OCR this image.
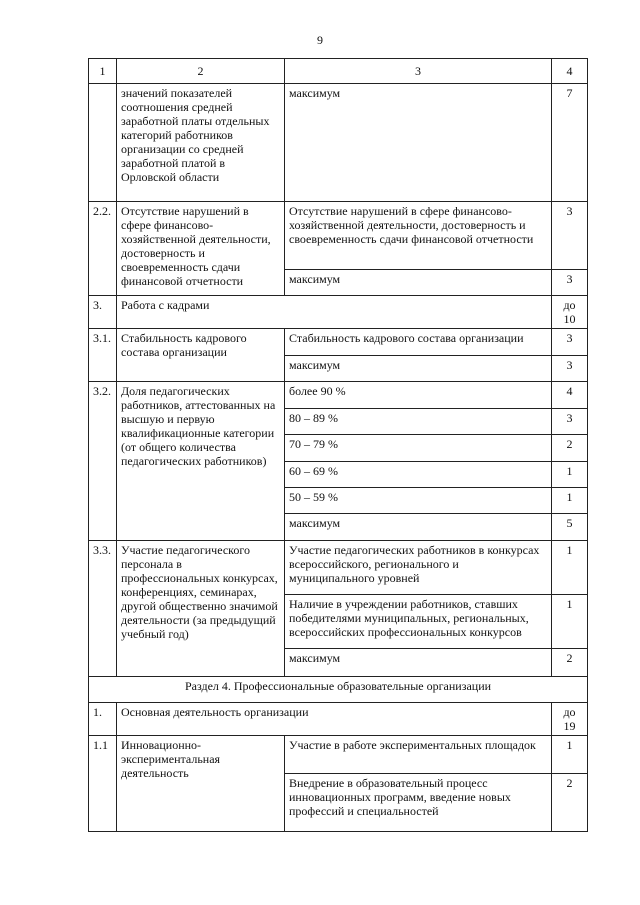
9
1	2	3	4
	значений показателей соотношения средней заработной платы отдельных категорий работников организации со средней заработной платой в Орловской области	максимум	7
2.2.	Отсутствие нарушений в сфере финансово-хозяйственной деятельности, достоверность и своевременность сдачи финансовой отчетности	Отсутствие нарушений в сфере финансово-хозяйственной деятельности, достоверность и своевременность сдачи финансовой отчетности	3
		максимум	3
3.	Работа с кадрами		до 10
3.1.	Стабильность кадрового состава организации	Стабильность кадрового состава организации	3
		максимум	3
3.2.	Доля педагогических работников, аттестованных на высшую и первую квалификационные категории (от общего количества педагогических работников)	более 90 %	4
		80 – 89 %	3
		70 – 79 %	2
		60 – 69 %	1
		50 – 59 %	1
		максимум	5
3.3.	Участие педагогического персонала в профессиональных конкурсах, конференциях, семинарах, другой общественно значимой деятельности (за предыдущий учебный год)	Участие педагогических работников в конкурсах всероссийского, регионального и муниципального уровней	1
		Наличие в учреждении работников, ставших победителями муниципальных, региональных, всероссийских профессиональных конкурсов	1
		максимум	2
Раздел 4. Профессиональные образовательные организации			
1.	Основная деятельность организации		до 19
1.1	Инновационно-экспериментальная деятельность	Участие в работе экспериментальных площадок	1
		Внедрение в образовательный процесс инновационных программ, введение новых профессий и специальностей	2
